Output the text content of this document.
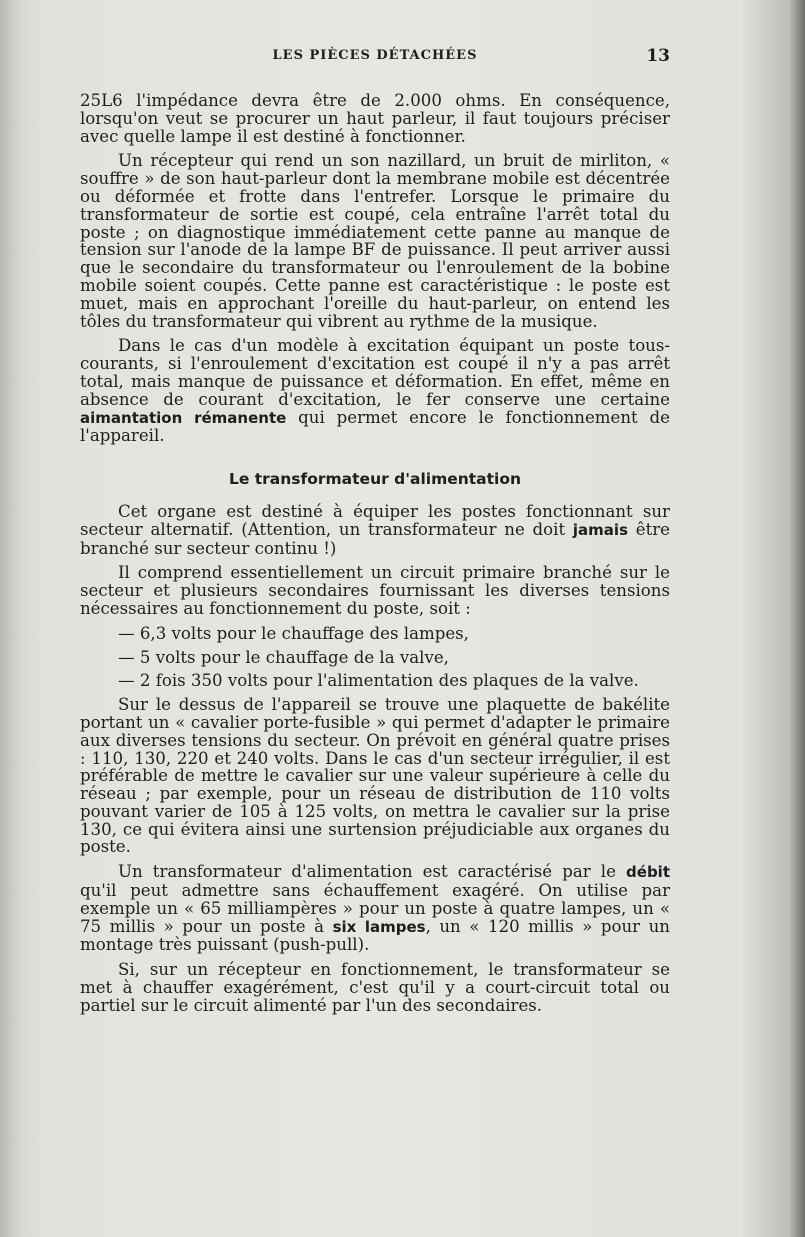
LES PIÈCES DÉTACHÉES	13

25L6 l'impédance devra être de 2.000 ohms. En conséquence, lorsqu'on veut se procurer un haut parleur, il faut toujours préciser avec quelle lampe il est destiné à fonctionner.

Un récepteur qui rend un son nazillard, un bruit de mirliton, « souffre » de son haut-parleur dont la membrane mobile est décentrée ou déformée et frotte dans l'entrefer. Lorsque le primaire du transformateur de sortie est coupé, cela entraîne l'arrêt total du poste ; on diagnostique immédiatement cette panne au manque de tension sur l'anode de la lampe BF de puissance. Il peut arriver aussi que le secondaire du transformateur ou l'enroulement de la bobine mobile soient coupés. Cette panne est caractéristique : le poste est muet, mais en approchant l'oreille du haut-parleur, on entend les tôles du transformateur qui vibrent au rythme de la musique.

Dans le cas d'un modèle à excitation équipant un poste tous-courants, si l'enroulement d'excitation est coupé il n'y a pas arrêt total, mais manque de puissance et déformation. En effet, même en absence de courant d'excitation, le fer conserve une certaine aimantation rémanente qui permet encore le fonctionnement de l'appareil.

Le transformateur d'alimentation

Cet organe est destiné à équiper les postes fonctionnant sur secteur alternatif. (Attention, un transformateur ne doit jamais être branché sur secteur continu !)

Il comprend essentiellement un circuit primaire branché sur le secteur et plusieurs secondaires fournissant les diverses tensions nécessaires au fonctionnement du poste, soit :

— 6,3 volts pour le chauffage des lampes,

— 5 volts pour le chauffage de la valve,

— 2 fois 350 volts pour l'alimentation des plaques de la valve.

Sur le dessus de l'appareil se trouve une plaquette de bakélite portant un « cavalier porte-fusible » qui permet d'adapter le primaire aux diverses tensions du secteur. On prévoit en général quatre prises : 110, 130, 220 et 240 volts. Dans le cas d'un secteur irrégulier, il est préférable de mettre le cavalier sur une valeur supérieure à celle du réseau ; par exemple, pour un réseau de distribution de 110 volts pouvant varier de 105 à 125 volts, on mettra le cavalier sur la prise 130, ce qui évitera ainsi une surtension préjudiciable aux organes du poste.

Un transformateur d'alimentation est caractérisé par le débit qu'il peut admettre sans échauffement exagéré. On utilise par exemple un « 65 milliampères » pour un poste à quatre lampes, un « 75 millis » pour un poste à six lampes, un « 120 millis » pour un montage très puissant (push-pull).

Si, sur un récepteur en fonctionnement, le transformateur se met à chauffer exagérément, c'est qu'il y a court-circuit total ou partiel sur le circuit alimenté par l'un des secondaires.
